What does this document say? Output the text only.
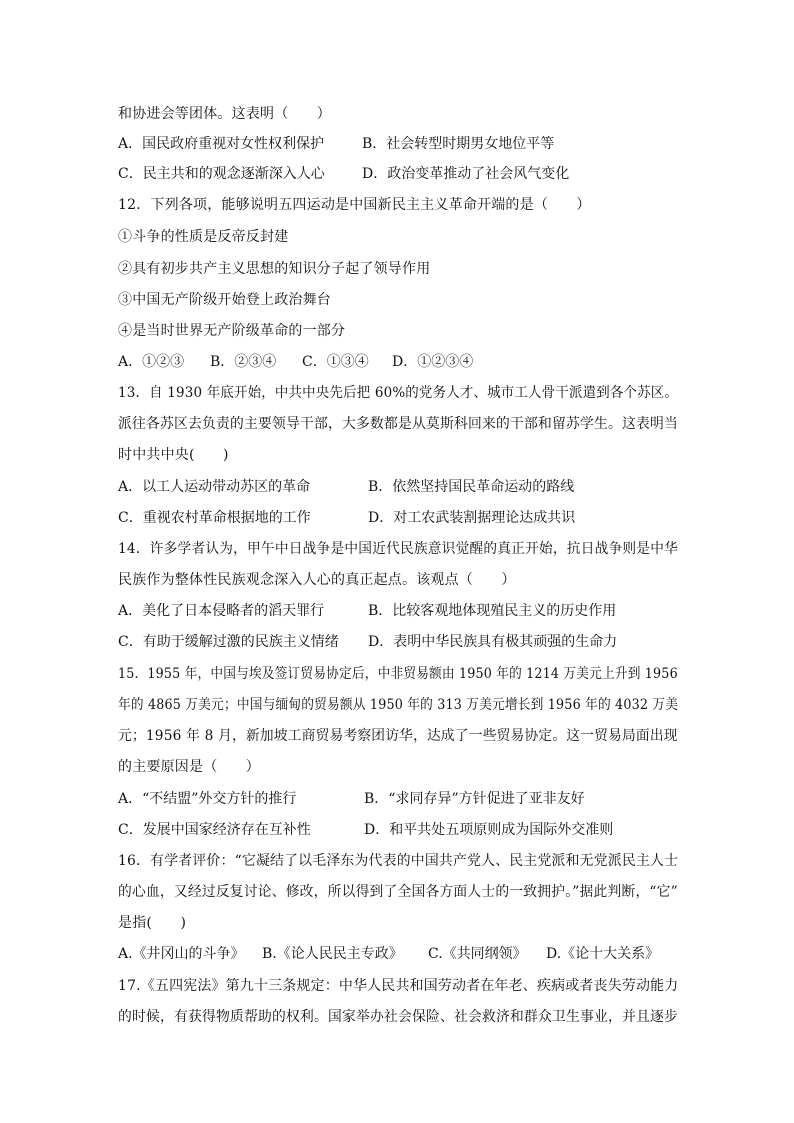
和协进会等团体。这表明（　　）
A．国民政府重视对女性权利保护	B．社会转型时期男女地位平等
C．民主共和的观念逐渐深入人心	D．政治变革推动了社会风气变化
12．下列各项，能够说明五四运动是中国新民主主义革命开端的是（　　）
①斗争的性质是反帝反封建
②具有初步共产主义思想的知识分子起了领导作用
③中国无产阶级开始登上政治舞台
④是当时世界无产阶级革命的一部分
A．①②③ B．②③④ C．①③④ D．①②③④
13．自 1930 年底开始，中共中央先后把 60%的党务人才、城市工人骨干派遣到各个苏区。
派往各苏区去负责的主要领导干部，大多数都是从莫斯科回来的干部和留苏学生。这表明当
时中共中央(　　)
A．以工人运动带动苏区的革命	B．依然坚持国民革命运动的路线
C．重视农村革命根据地的工作	D．对工农武装割据理论达成共识
14．许多学者认为，甲午中日战争是中国近代民族意识觉醒的真正开始，抗日战争则是中华
民族作为整体性民族观念深入人心的真正起点。该观点（　　）
A．美化了日本侵略者的滔天罪行	B．比较客观地体现殖民主义的历史作用
C．有助于缓解过激的民族主义情绪 D．表明中华民族具有极其顽强的生命力
15．1955 年，中国与埃及签订贸易协定后，中非贸易额由 1950 年的 1214 万美元上升到 1956
年的 4865 万美元；中国与缅甸的贸易额从 1950 年的 313 万美元增长到 1956 年的 4032 万美
元；1956 年 8 月，新加坡工商贸易考察团访华，达成了一些贸易协定。这一贸易局面出现
的主要原因是（　　）
A．“不结盟”外交方针的推行	B．“求同存异”方针促进了亚非友好
C．发展中国家经济存在互补性	D．和平共处五项原则成为国际外交准则
16．有学者评价：“它凝结了以毛泽东为代表的中国共产党人、民主党派和无党派民主人士
的心血，又经过反复讨论、修改，所以得到了全国各方面人士的一致拥护。”据此判断，“它”
是指(　　)
A.《井冈山的斗争》 B.《论人民民主专政》 C.《共同纲领》 D.《论十大关系》
17.《五四宪法》第九十三条规定：中华人民共和国劳动者在年老、疾病或者丧失劳动能力
的时候，有获得物质帮助的权利。国家举办社会保险、社会救济和群众卫生事业，并且逐步
